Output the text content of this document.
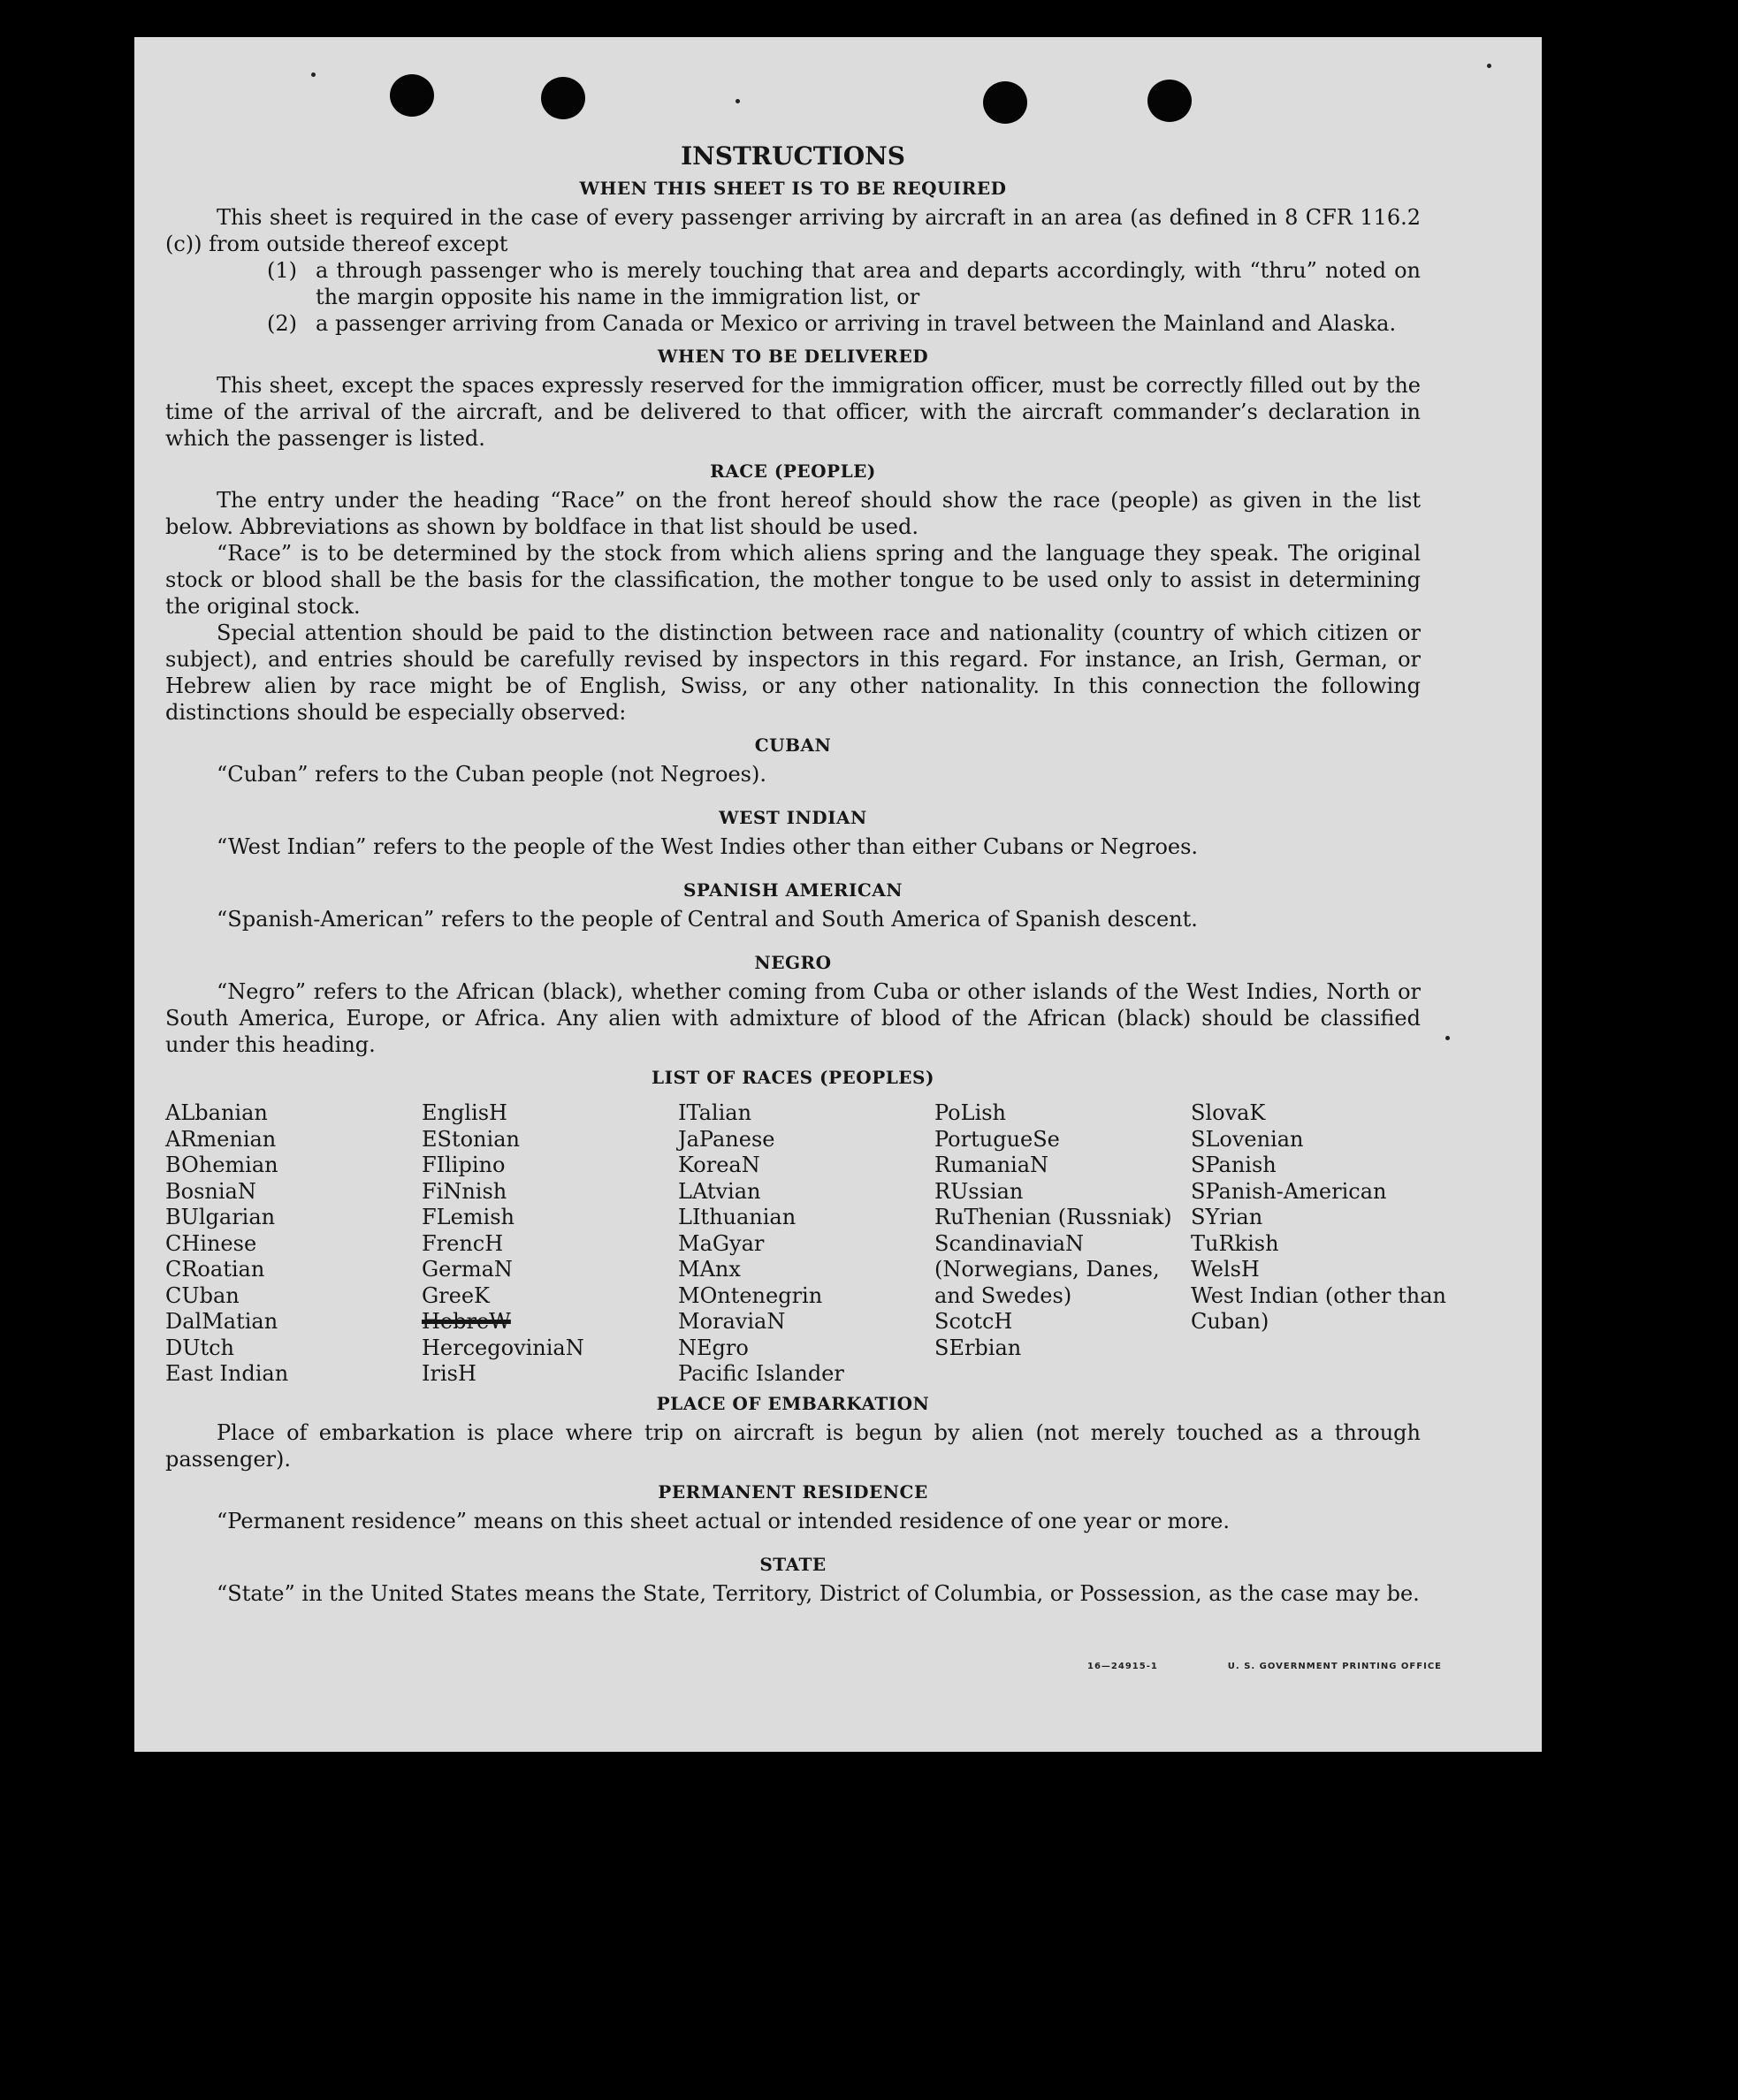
INSTRUCTIONS
WHEN THIS SHEET IS TO BE REQUIRED

This sheet is required in the case of every passenger arriving by aircraft in an area (as defined in 8 CFR 116.2 (c)) from outside thereof except

(1) a through passenger who is merely touching that area and departs accordingly, with “thru” noted on the margin opposite his name in the immigration list, or
(2) a passenger arriving from Canada or Mexico or arriving in travel between the Mainland and Alaska.
WHEN TO BE DELIVERED

This sheet, except the spaces expressly reserved for the immigration officer, must be correctly filled out by the time of the arrival of the aircraft, and be delivered to that officer, with the aircraft commander’s declaration in which the passenger is listed.

RACE (PEOPLE)

The entry under the heading “Race” on the front hereof should show the race (people) as given in the list below. Abbreviations as shown by boldface in that list should be used.

“Race” is to be determined by the stock from which aliens spring and the language they speak. The original stock or blood shall be the basis for the classification, the mother tongue to be used only to assist in determining the original stock.

Special attention should be paid to the distinction between race and nationality (country of which citizen or subject), and entries should be carefully revised by inspectors in this regard. For instance, an Irish, German, or Hebrew alien by race might be of English, Swiss, or any other nationality. In this connection the following distinctions should be especially observed:

CUBAN

“Cuban” refers to the Cuban people (not Negroes).

WEST INDIAN

“West Indian” refers to the people of the West Indies other than either Cubans or Negroes.

SPANISH AMERICAN

“Spanish-American” refers to the people of Central and South America of Spanish descent.

NEGRO

“Negro” refers to the African (black), whether coming from Cuba or other islands of the West Indies, North or South America, Europe, or Africa. Any alien with admixture of blood of the African (black) should be classified under this heading.

LIST OF RACES (PEOPLES)
ALbanian
ARmenian
BOhemian
BosniaN
BUlgarian
CHinese
CRoatian
CUban
DalMatian
DUtch
East Indian
EnglisH
EStonian
FIlipino
FiNnish
FLemish
FrencH
GermaN
GreeK
HebreW
HercegoviniaN
IrisH
ITalian
JaPanese
KoreaN
LAtvian
LIthuanian
MaGyar
MAnx
MOntenegrin
MoraviaN
NEgro
Pacific Islander
PoLish
PortugueSe
RumaniaN
RUssian
RuThenian (Russniak)
ScandinaviaN (Norwegians, Danes, and Swedes)
ScotcH
SErbian
SlovaK
SLovenian
SPanish
SPanish-American
SYrian
TuRkish
WelsH
West Indian (other than Cuban)
PLACE OF EMBARKATION

Place of embarkation is place where trip on aircraft is begun by alien (not merely touched as a through passenger).

PERMANENT RESIDENCE

“Permanent residence” means on this sheet actual or intended residence of one year or more.

STATE

“State” in the United States means the State, Territory, District of Columbia, or Possession, as the case may be.

16—24915-1	U. S. GOVERNMENT PRINTING OFFICE
